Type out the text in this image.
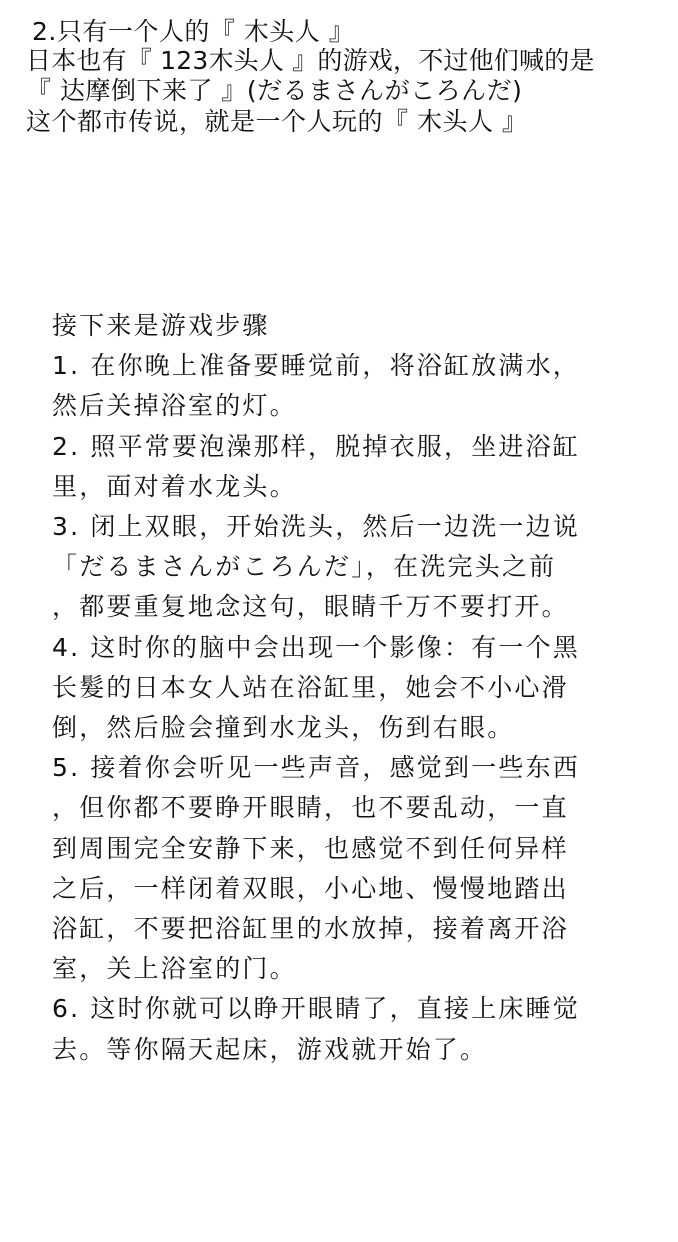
2.只有一个人的『 木头人 』
日本也有『 123木头人 』的游戏，不过他们喊的是
『 达摩倒下来了 』(だるまさんがころんだ)
这个都市传说，就是一个人玩的『 木头人 』
接下来是游戏步骤
1. 在你晚上准备要睡觉前，将浴缸放满水，
然后关掉浴室的灯。
2. 照平常要泡澡那样，脱掉衣服，坐进浴缸
里，面对着水龙头。
3. 闭上双眼，开始洗头，然后一边洗一边说
「だるまさんがころんだ」，在洗完头之前
，都要重复地念这句，眼睛千万不要打开。
4. 这时你的脑中会出现一个影像：有一个黑
长髮的日本女人站在浴缸里，她会不小心滑
倒，然后脸会撞到水龙头，伤到右眼。
5. 接着你会听见一些声音，感觉到一些东西
，但你都不要睁开眼睛，也不要乱动，一直
到周围完全安静下来，也感觉不到任何异样
之后，一样闭着双眼，小心地、慢慢地踏出
浴缸，不要把浴缸里的水放掉，接着离开浴
室，关上浴室的门。
6. 这时你就可以睁开眼睛了，直接上床睡觉
去。等你隔天起床，游戏就开始了。
